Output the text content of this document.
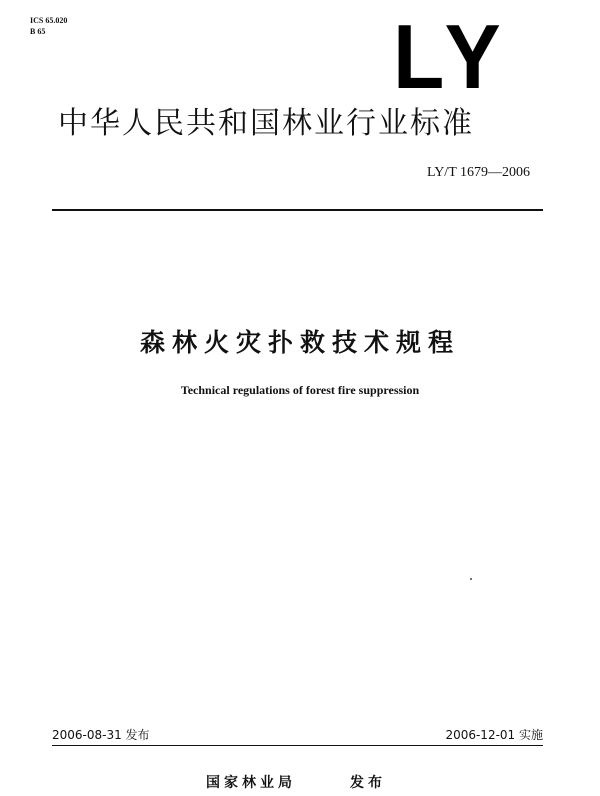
ICS 65.020
B 65	LY
中华人民共和国林业行业标准
LY/T 1679—2006
森林火灾扑救技术规程
Technical regulations of forest fire suppression
2006-08-31 发布	2006-12-01 实施
国家林业局	发布
